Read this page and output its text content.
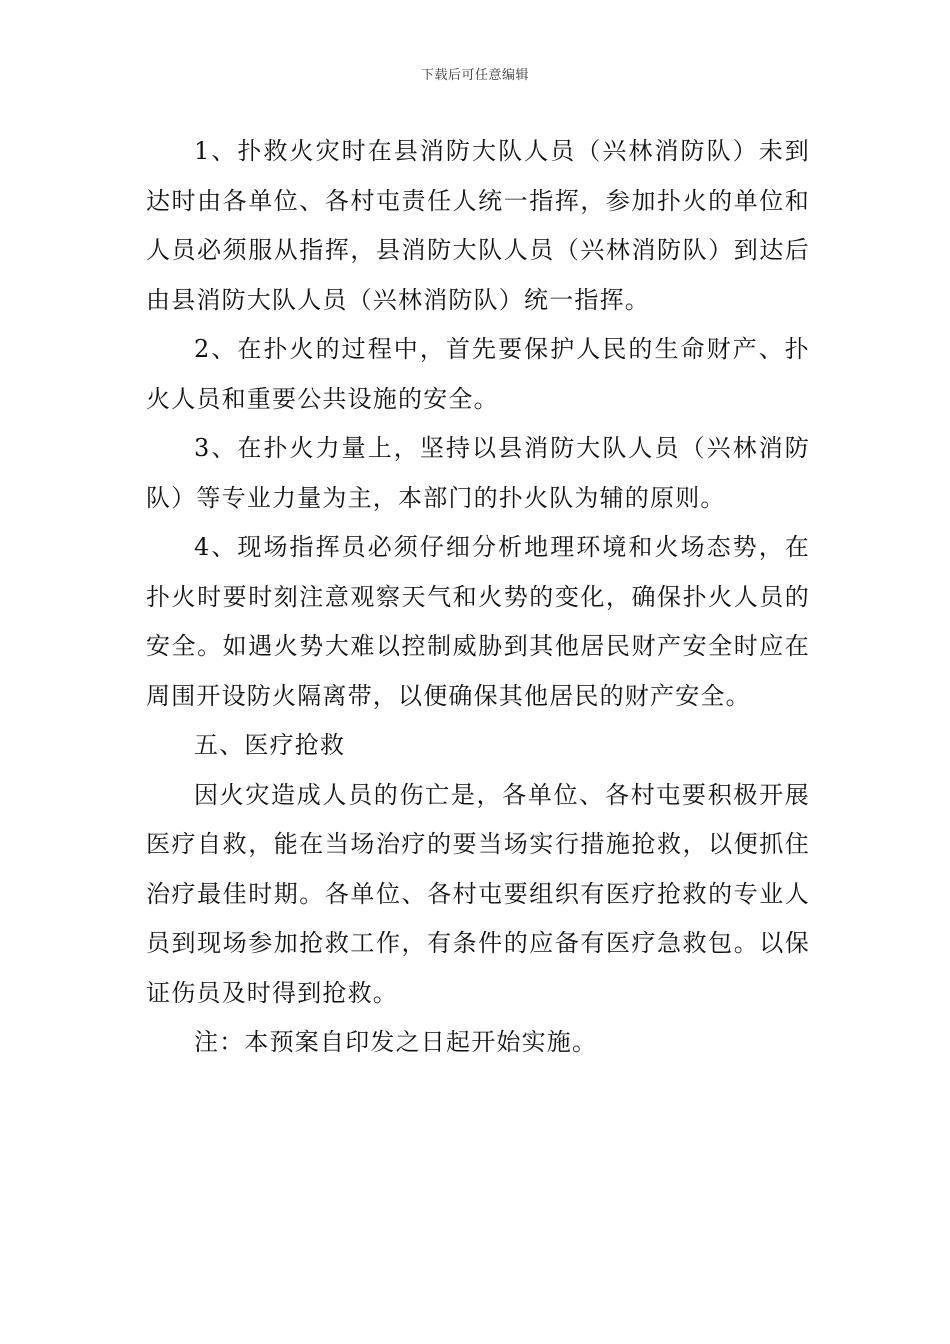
下载后可任意编辑

1、扑救火灾时在县消防大队人员（兴林消防队）未到达时由各单位、各村屯责任人统一指挥，参加扑火的单位和人员必须服从指挥，县消防大队人员（兴林消防队）到达后由县消防大队人员（兴林消防队）统一指挥。

2、在扑火的过程中，首先要保护人民的生命财产、扑火人员和重要公共设施的安全。

3、在扑火力量上，坚持以县消防大队人员（兴林消防队）等专业力量为主，本部门的扑火队为辅的原则。

4、现场指挥员必须仔细分析地理环境和火场态势，在扑火时要时刻注意观察天气和火势的变化，确保扑火人员的安全。如遇火势大难以控制威胁到其他居民财产安全时应在周围开设防火隔离带，以便确保其他居民的财产安全。

五、医疗抢救

因火灾造成人员的伤亡是，各单位、各村屯要积极开展医疗自救，能在当场治疗的要当场实行措施抢救，以便抓住治疗最佳时期。各单位、各村屯要组织有医疗抢救的专业人员到现场参加抢救工作，有条件的应备有医疗急救包。以保证伤员及时得到抢救。

注：本预案自印发之日起开始实施。
